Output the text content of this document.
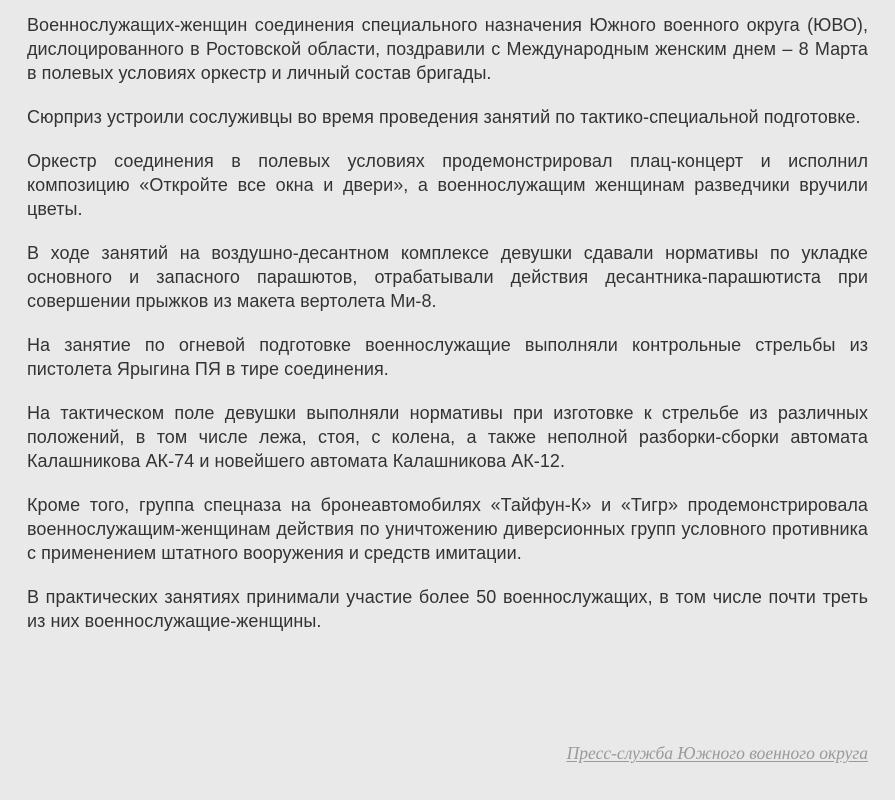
Военнослужащих-женщин соединения специального назначения Южного военного округа (ЮВО), дислоцированного в Ростовской области, поздравили с Международным женским днем – 8 Марта в полевых условиях оркестр и личный состав бригады.

Сюрприз устроили сослуживцы во время проведения занятий по тактико-специальной подготовке.

Оркестр соединения в полевых условиях продемонстрировал плац-концерт и исполнил композицию «Откройте все окна и двери», а военнослужащим женщинам разведчики вручили цветы.

В ходе занятий на воздушно-десантном комплексе девушки сдавали нормативы по укладке основного и запасного парашютов, отрабатывали действия десантника-парашютиста при совершении прыжков из макета вертолета Ми-8.

На занятие по огневой подготовке военнослужащие выполняли контрольные стрельбы из пистолета Ярыгина ПЯ в тире соединения.

На тактическом поле девушки выполняли нормативы при изготовке к стрельбе из различных положений, в том числе лежа, стоя, с колена, а также неполной разборки-сборки автомата Калашникова АК-74 и новейшего автомата Калашникова АК-12.

Кроме того, группа спецназа на бронеавтомобилях «Тайфун-К» и «Тигр» продемонстрировала военнослужащим-женщинам действия по уничтожению диверсионных групп условного противника с применением штатного вооружения и средств имитации.

В практических занятиях принимали участие более 50 военнослужащих, в том числе почти треть из них военнослужащие-женщины.

Пресс-служба Южного военного округа
